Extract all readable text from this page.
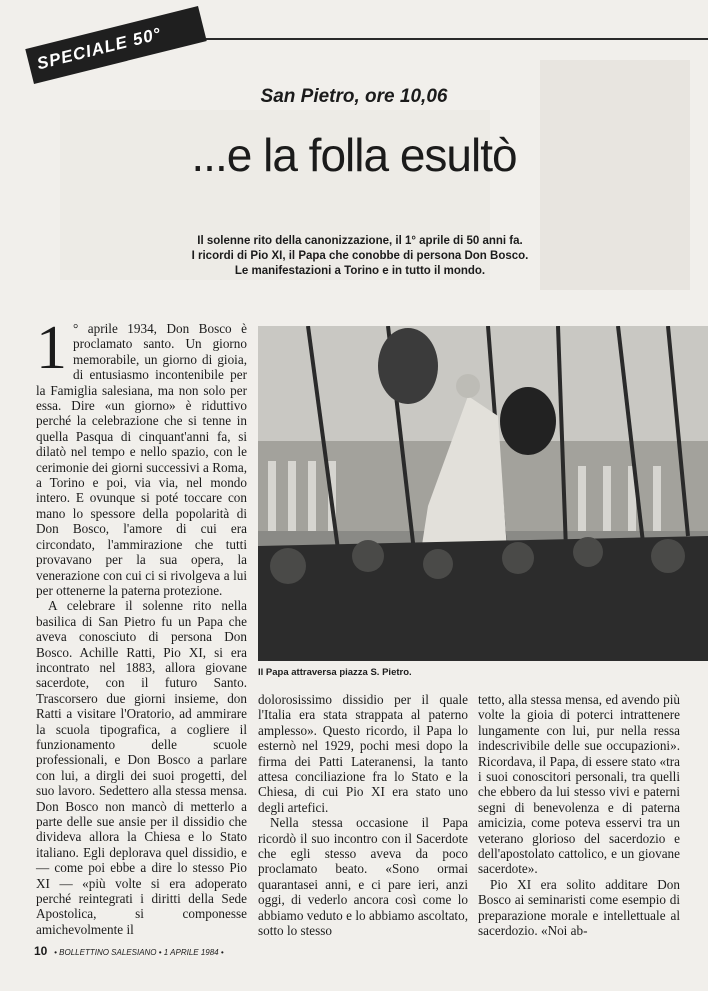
SPECIALE 50°
San Pietro, ore 10,06
...e la folla esultò
Il solenne rito della canonizzazione, il 1° aprile di 50 anni fa.
I ricordi di Pio XI, il Papa che conobbe di persona Don Bosco.
Le manifestazioni a Torino e in tutto il mondo.

1 ° aprile 1934, Don Bosco è proclamato santo. Un giorno memorabile, un giorno di gioia, di entusiasmo incontenibile per la Famiglia salesiana, ma non solo per essa. Dire «un giorno» è riduttivo perché la celebrazione che si tenne in quella Pasqua di cinquant'anni fa, si dilatò nel tempo e nello spazio, con le cerimonie dei giorni successivi a Roma, a Torino e poi, via via, nel mondo intero. E ovunque si poté toccare con mano lo spessore della popolarità di Don Bosco, l'amore di cui era circondato, l'ammirazione che tutti provavano per la sua opera, la venerazione con cui ci si rivolgeva a lui per ottenerne la paterna protezione.

A celebrare il solenne rito nella basilica di San Pietro fu un Papa che aveva conosciuto di persona Don Bosco. Achille Ratti, Pio XI, si era incontrato nel 1883, allora giovane sacerdote, con il futuro Santo. Trascorsero due giorni insieme, don Ratti a visitare l'Oratorio, ad ammirare la scuola tipografica, a cogliere il funzionamento delle scuole professionali, e Don Bosco a parlare con lui, a dirgli dei suoi progetti, del suo lavoro. Sedettero alla stessa mensa. Don Bosco non mancò di metterlo a parte delle sue ansie per il dissidio che divideva allora la Chiesa e lo Stato italiano. Egli deplorava quel dissidio, e — come poi ebbe a dire lo stesso Pio XI — «più volte si era adoperato perché reintegrati i diritti della Sede Apostolica, si componesse amichevolmente il

Il Papa attraversa piazza S. Pietro.

dolorosissimo dissidio per il quale l'Italia era stata strappata al paterno amplesso». Questo ricordo, il Papa lo esternò nel 1929, pochi mesi dopo la firma dei Patti Lateranensi, la tanto attesa conciliazione fra lo Stato e la Chiesa, di cui Pio XI era stato uno degli artefici.

Nella stessa occasione il Papa ricordò il suo incontro con il Sacerdote che egli stesso aveva da poco proclamato beato. «Sono ormai quarantasei anni, e ci pare ieri, anzi oggi, di vederlo ancora così come lo abbiamo veduto e lo abbiamo ascoltato, sotto lo stesso

tetto, alla stessa mensa, ed avendo più volte la gioia di poterci intrattenere lungamente con lui, pur nella ressa indescrivibile delle sue occupazioni». Ricordava, il Papa, di essere stato «tra i suoi conoscitori personali, tra quelli che ebbero da lui stesso vivi e paterni segni di benevolenza e di paterna amicizia, come poteva esservi tra un veterano glorioso del sacerdozio e dell'apostolato cattolico, e un giovane sacerdote».

Pio XI era solito additare Don Bosco ai seminaristi come esempio di preparazione morale e intellettuale al sacerdozio. «Noi ab-

10 • BOLLETTINO SALESIANO • 1 APRILE 1984 •
